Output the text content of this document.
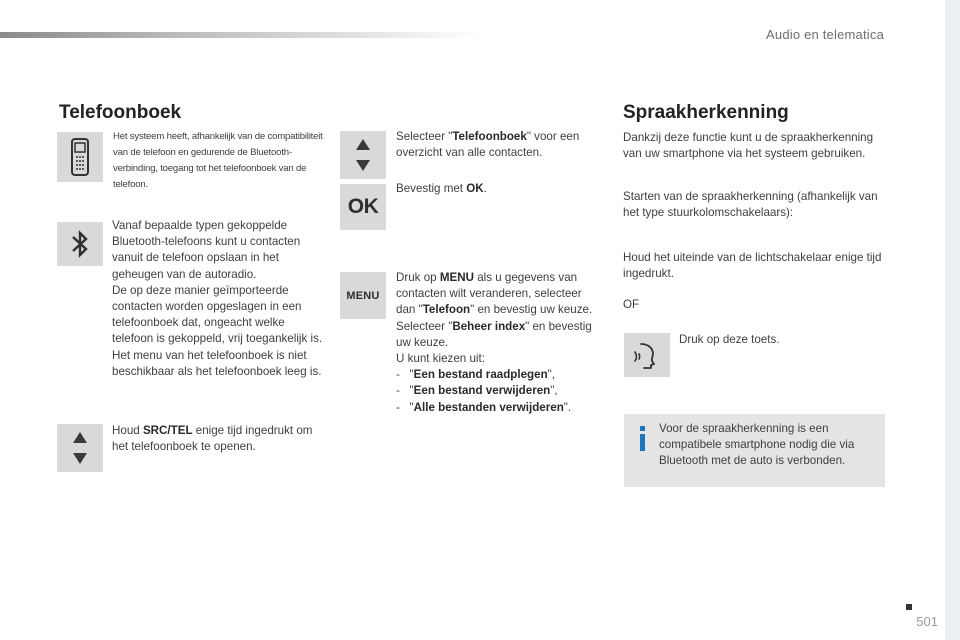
Audio en telematica
Telefoonboek
Het systeem heeft, afhankelijk van de compatibiliteit van de telefoon en gedurende de Bluetooth-verbinding, toegang tot het telefoonboek van de telefoon.

Vanaf bepaalde typen gekoppelde Bluetooth-telefoons kunt u contacten vanuit de telefoon opslaan in het geheugen van de autoradio.

De op deze manier geïmporteerde contacten worden opgeslagen in een telefoonboek dat, ongeacht welke telefoon is gekoppeld, vrij toegankelijk is.

Het menu van het telefoonboek is niet beschikbaar als het telefoonboek leeg is.

Houd SRC/TEL enige tijd ingedrukt om het telefoonboek te openen.
Selecteer "Telefoonboek" voor een overzicht van alle contacten.
OK
Bevestig met OK.
MENU

Druk op MENU als u gegevens van contacten wilt veranderen, selecteer dan "Telefoon" en bevestig uw keuze.

Selecteer "Beheer index" en bevestig uw keuze.

U kunt kiezen uit:

-   "Een bestand raadplegen",

-   "Een bestand verwijderen",

-   "Alle bestanden verwijderen".

Spraakherkenning
Dankzij deze functie kunt u de spraakherkenning van uw smartphone via het systeem gebruiken.
Starten van de spraakherkenning (afhankelijk van het type stuurkolomschakelaars):
Houd het uiteinde van de lichtschakelaar enige tijd ingedrukt.
OF
Druk op deze toets.
Voor de spraakherkenning is een compatibele smartphone nodig die via Bluetooth met de auto is verbonden.
501
